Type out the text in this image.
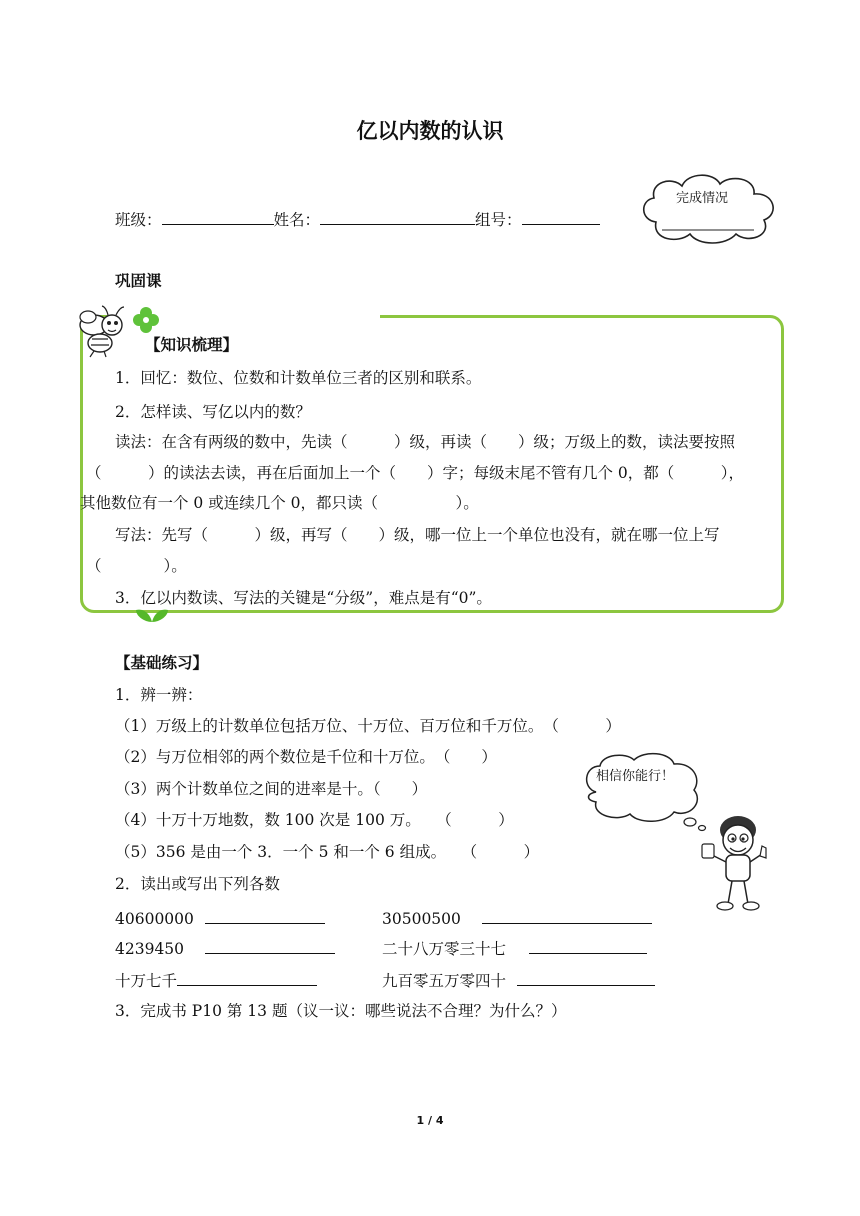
亿以内数的认识
班级：	姓名：	组号：
完成情况
巩固课
【知识梳理】
1．回忆：数位、位数和计数单位三者的区别和联系。
2．怎样读、写亿以内的数？
读法：在含有两级的数中，先读（　　　）级，再读（　　）级；万级上的数，读法要按照
（　　　）的读法去读，再在后面加上一个（　　）字；每级末尾不管有几个 0，都（　　　），
其他数位有一个 0 或连续几个 0，都只读（　　　　　）。
写法：先写（　　　）级，再写（　　）级，哪一位上一个单位也没有，就在哪一位上写
（　　　　）。
3．亿以内数读、写法的关键是“分级”，难点是有“0”。
【基础练习】
1．辨一辨：
（1）万级上的计数单位包括万位、十万位、百万位和千万位。　（　　　）
（2）与万位相邻的两个数位是千位和十万位。　（　　）
（3）两个计数单位之间的进率是十。（　　）
（4）十万十万地数，数 100 次是 100 万。　　（　　　）
（5）356 是由一个 3．一个 5 和一个 6 组成。　　（　　　）
2．读出或写出下列各数
40600000	30500500
4239450	二十八万零三十七
十万七千	九百零五万零四十
3．完成书 P10 第 13 题（议一议：哪些说法不合理？为什么？）
相信你能行！
1 / 4
